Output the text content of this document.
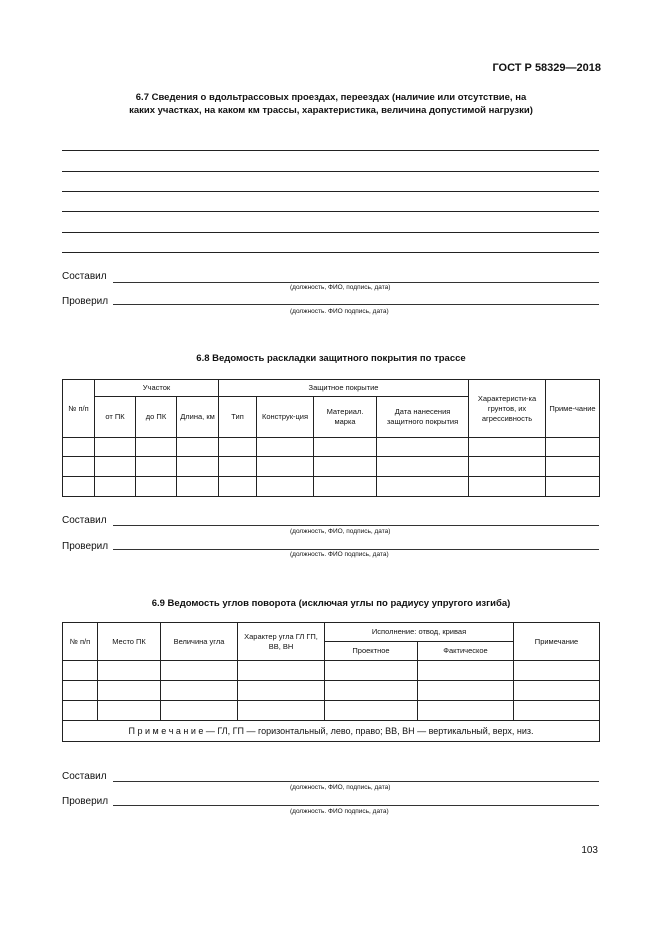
ГОСТ Р 58329—2018
6.7 Сведения о вдольтрассовых проездах, переездах (наличие или отсутствие, на
каких участках, на каком км трассы, характеристика, величина допустимой нагрузки)
Составил
(должность, ФИО, подпись, дата)
Проверил
(должность. ФИО подпись, дата)
6.8 Ведомость раскладки защитного покрытия по трассе
№ п/п	Участок			Защитное покрытие				Характеристи-ка грунтов, их агрессивность	Приме-чание
	от ПК	до ПК	Длина, км	Тип	Конструк-ция	Материал. марка	Дата нанесения защитного покрытия		

Составил
(должность, ФИО, подпись, дата)
Проверил
(должность. ФИО подпись, дата)
6.9 Ведомость углов поворота (исключая углы по радиусу упругого изгиба)
№ п/п	Место ПК	Величина угла	Характер угла ГЛ ГП, ВВ, ВН	Исполнение: отвод, кривая		Примечание
				Проектное	Фактическое	

П р и м е ч а н и е — ГЛ, ГП — горизонтальный, лево, право; ВВ, ВН — вертикальный, верх, низ.						
Составил
(должность, ФИО, подпись, дата)
Проверил
(должность. ФИО подпись, дата)
103
